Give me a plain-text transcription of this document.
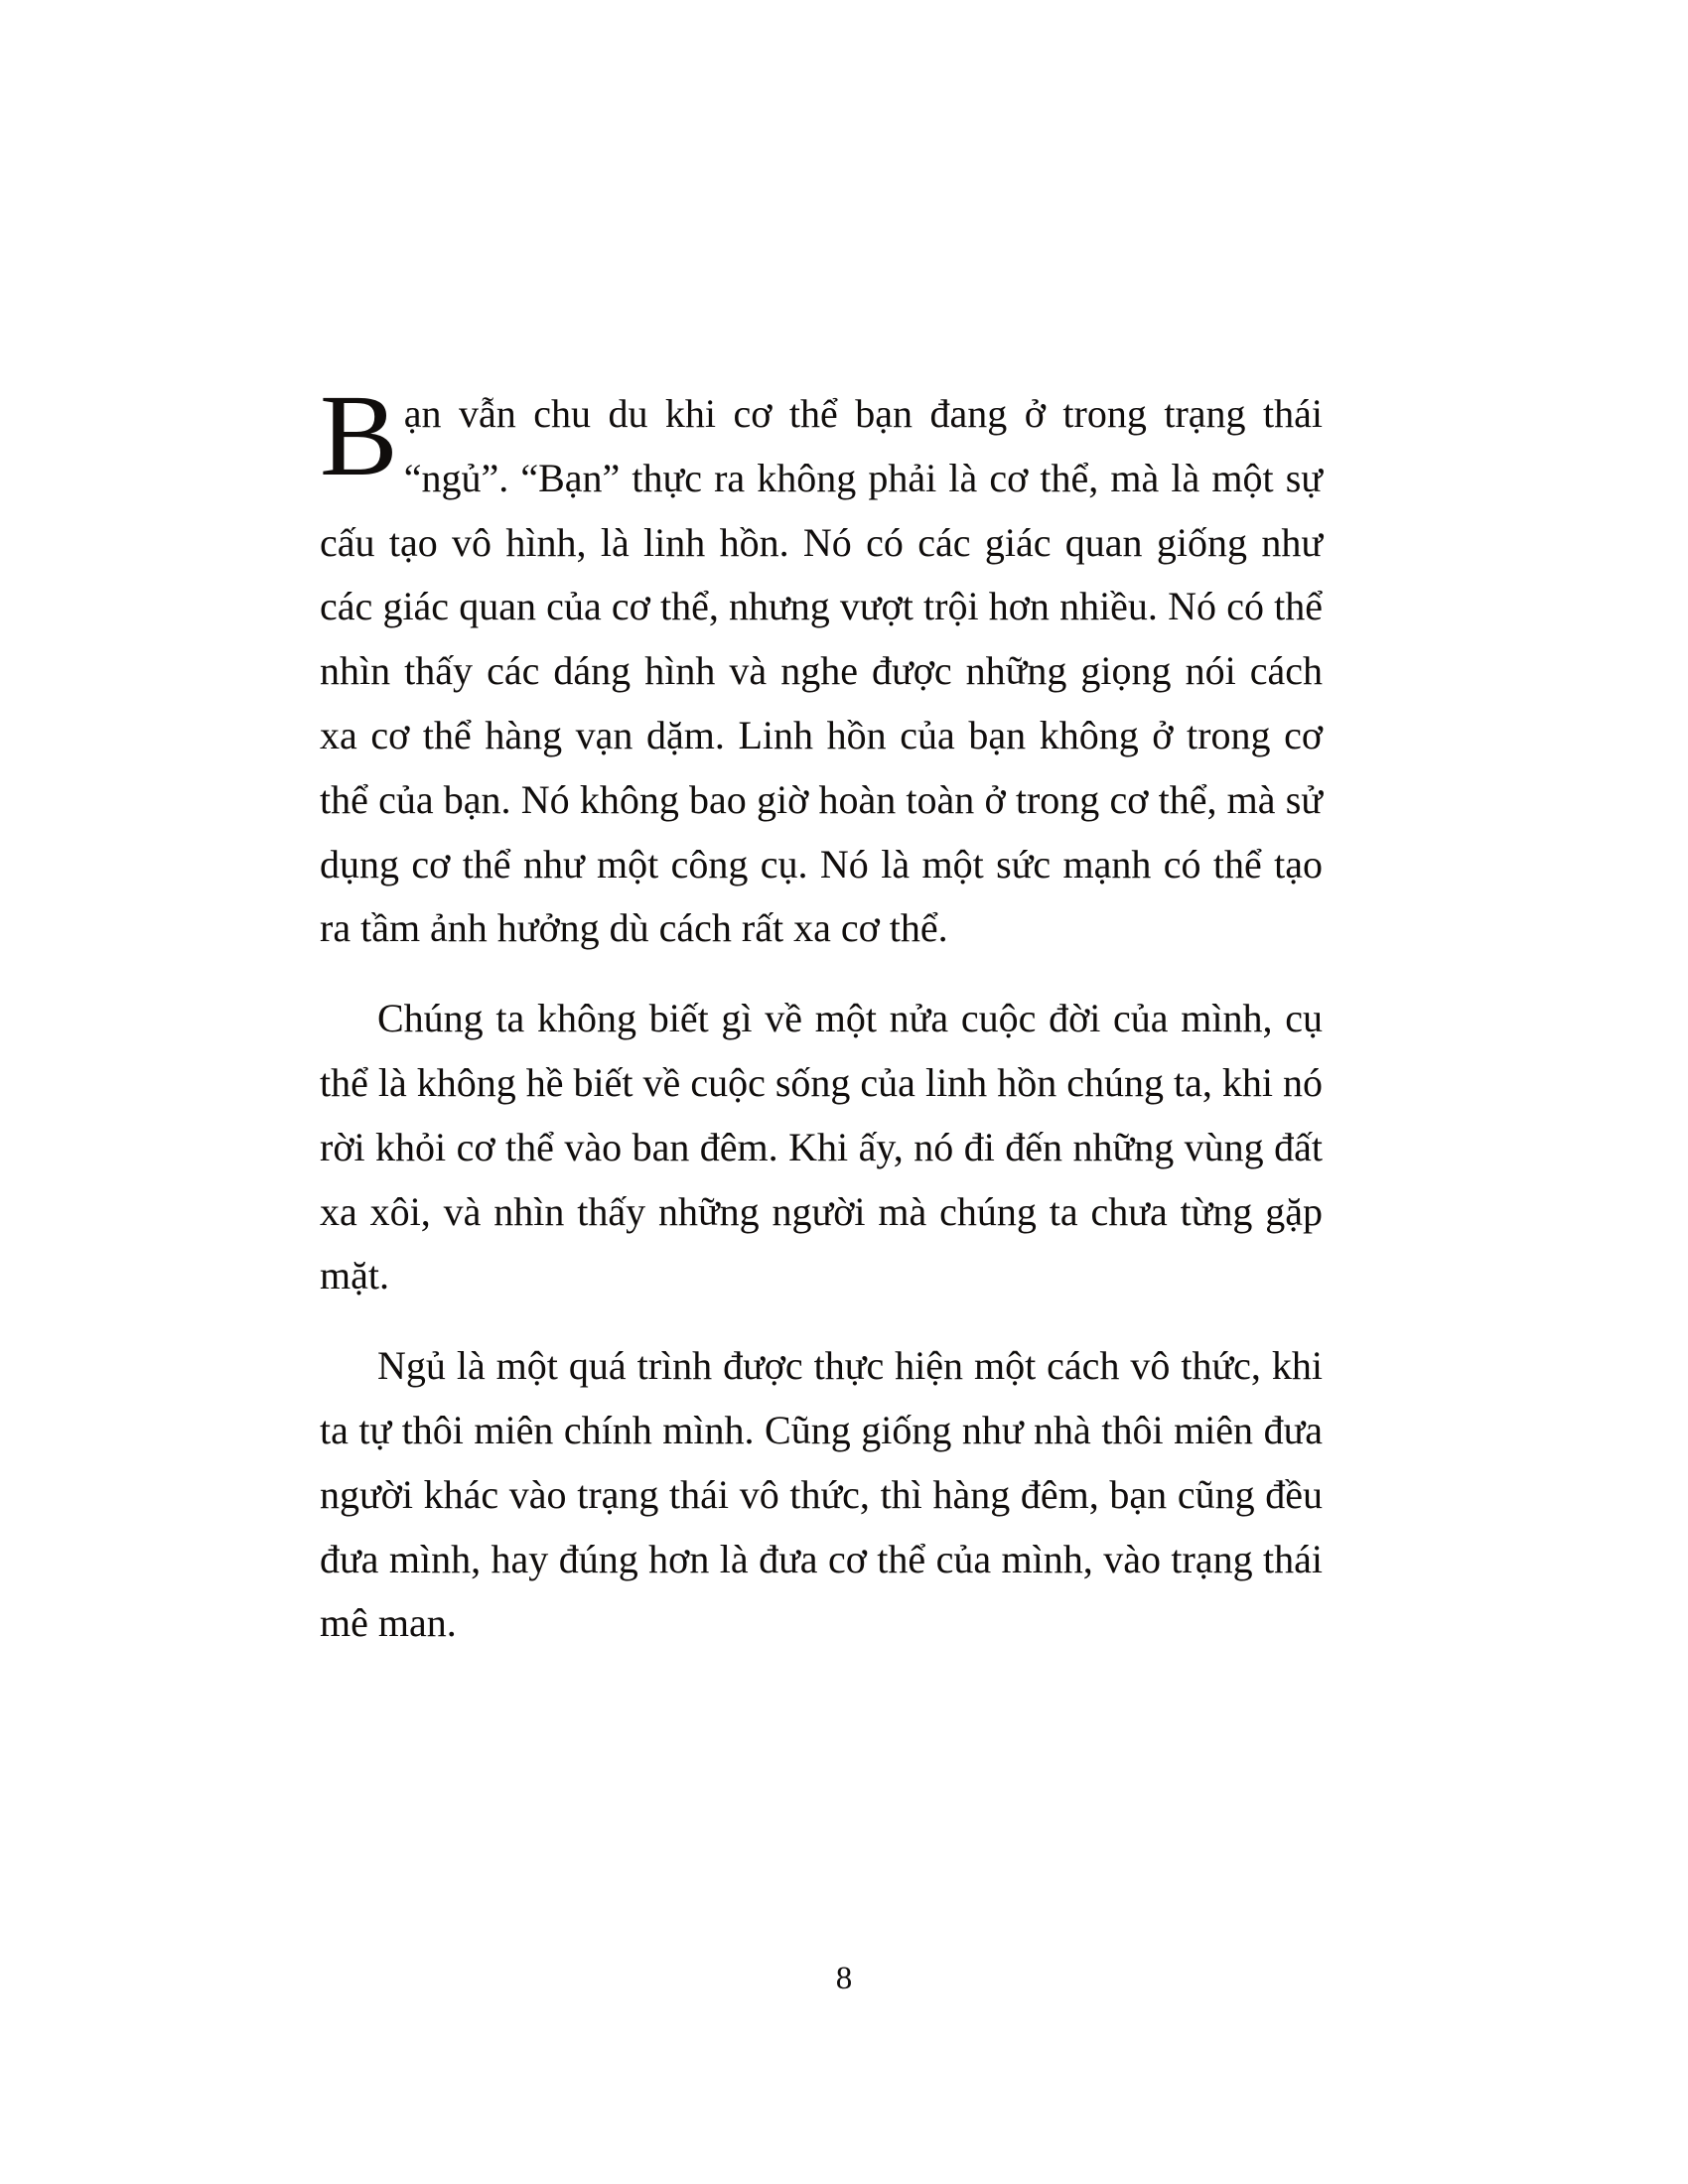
Bạn vẫn chu du khi cơ thể bạn đang ở trong trạng thái “ngủ”. “Bạn” thực ra không phải là cơ thể, mà là một sự cấu tạo vô hình, là linh hồn. Nó có các giác quan giống như các giác quan của cơ thể, nhưng vượt trội hơn nhiều. Nó có thể nhìn thấy các dáng hình và nghe được những giọng nói cách xa cơ thể hàng vạn dặm. Linh hồn của bạn không ở trong cơ thể của bạn. Nó không bao giờ hoàn toàn ở trong cơ thể, mà sử dụng cơ thể như một công cụ. Nó là một sức mạnh có thể tạo ra tầm ảnh hưởng dù cách rất xa cơ thể.

Chúng ta không biết gì về một nửa cuộc đời của mình, cụ thể là không hề biết về cuộc sống của linh hồn chúng ta, khi nó rời khỏi cơ thể vào ban đêm. Khi ấy, nó đi đến những vùng đất xa xôi, và nhìn thấy những người mà chúng ta chưa từng gặp mặt.

Ngủ là một quá trình được thực hiện một cách vô thức, khi ta tự thôi miên chính mình. Cũng giống như nhà thôi miên đưa người khác vào trạng thái vô thức, thì hàng đêm, bạn cũng đều đưa mình, hay đúng hơn là đưa cơ thể của mình, vào trạng thái mê man.

8
